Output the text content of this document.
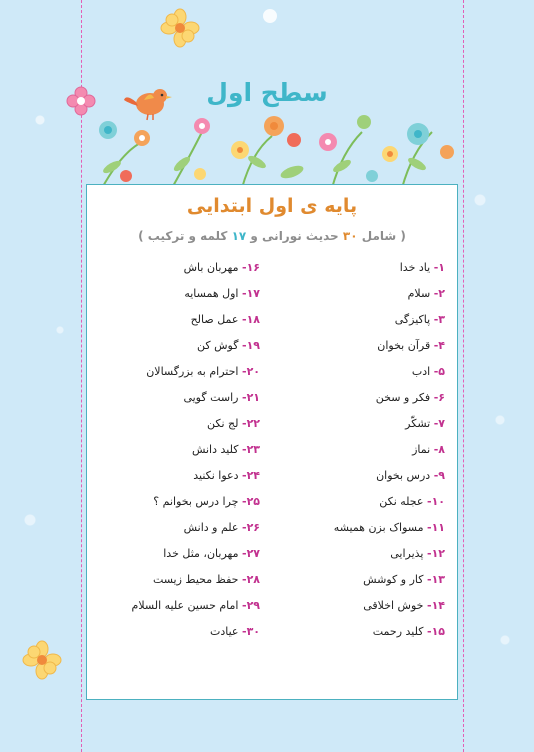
سطح اول
پایه ی اول ابتدایی
( شامل ۳۰ حدیث نورانی و ۱۷ کلمه و ترکیب )
۱- یاد خدا
۲- سلام
۳- پاکیزگی
۴- قرآن بخوان
۵- ادب
۶- فکر و سخن
۷- تشکّر
۸- نماز
۹- درس بخوان
۱۰- عجله نکن
۱۱- مسواک بزن همیشه
۱۲- پذیرایی
۱۳- کار و کوشش
۱۴- خوش اخلاقی
۱۵- کلید رحمت
۱۶- مهربان باش
۱۷- اول همسایه
۱۸- عمل صالح
۱۹- گوش کن
۲۰- احترام به بزرگسالان
۲۱- راست گویی
۲۲- لج نکن
۲۳- کلید دانش
۲۴- دعوا نکنید
۲۵- چرا درس بخوانم ؟
۲۶- علم و دانش
۲۷- مهربان، مثل خدا
۲۸- حفظ محیط زیست
۲۹- امام حسین علیه السلام
۳۰- عیادت
